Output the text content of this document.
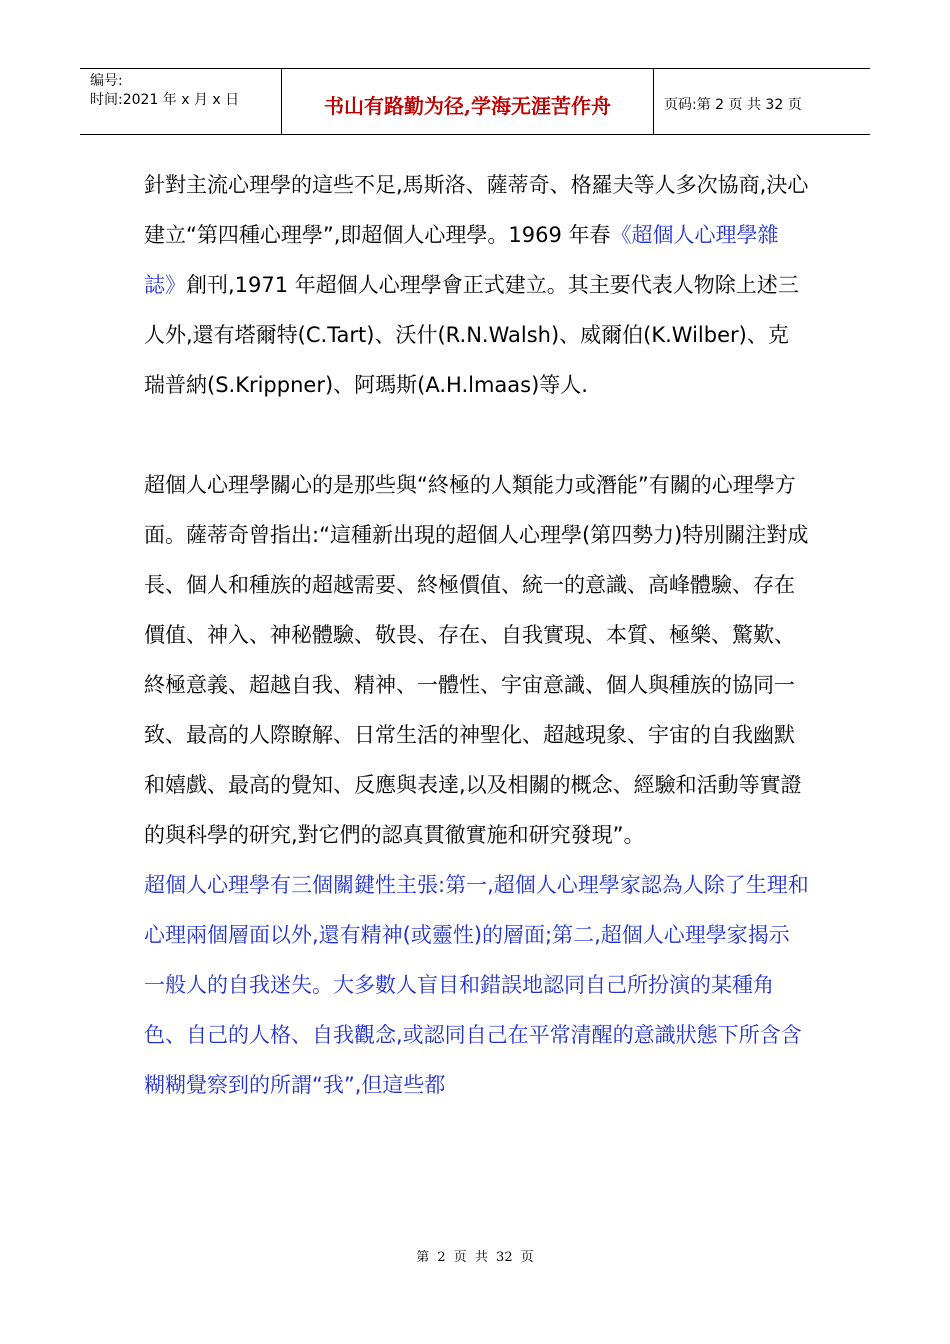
编号:
时间:2021 年 x 月 x 日	书山有路勤为径,学海无涯苦作舟	页码:第 2 页 共 32 页

針對主流心理學的這些不足,馬斯洛、薩蒂奇、格羅夫等人多次協商,決心建立“第四種心理學”,即超個人心理學。1969 年春《超個人心理學雜誌》創刊,1971 年超個人心理學會正式建立。其主要代表人物除上述三人外,還有塔爾特(C.Tart)、沃什(R.N.Walsh)、威爾伯(K.Wilber)、克瑞普納(S.Krippner)、阿瑪斯(A.H.lmaas)等人.

超個人心理學關心的是那些與“終極的人類能力或潛能”有關的心理學方面。薩蒂奇曾指出:“這種新出現的超個人心理學(第四勢力)特別關注對成長、個人和種族的超越需要、終極價值、統一的意識、高峰體驗、存在價值、神入、神秘體驗、敬畏、存在、自我實現、本質、極樂、驚歎、終極意義、超越自我、精神、一體性、宇宙意識、個人與種族的協同一致、最高的人際瞭解、日常生活的神聖化、超越現象、宇宙的自我幽默和嬉戲、最高的覺知、反應與表達,以及相關的概念、經驗和活動等實證的與科學的研究,對它們的認真貫徹實施和研究發現”。

超個人心理學有三個關鍵性主張:第一,超個人心理學家認為人除了生理和心理兩個層面以外,還有精神(或靈性)的層面;第二,超個人心理學家揭示一般人的自我迷失。大多數人盲目和錯誤地認同自己所扮演的某種角色、自己的人格、自我觀念,或認同自己在平常清醒的意識狀態下所含含糊糊覺察到的所謂“我”,但這些都

第 2 页 共 32 页
